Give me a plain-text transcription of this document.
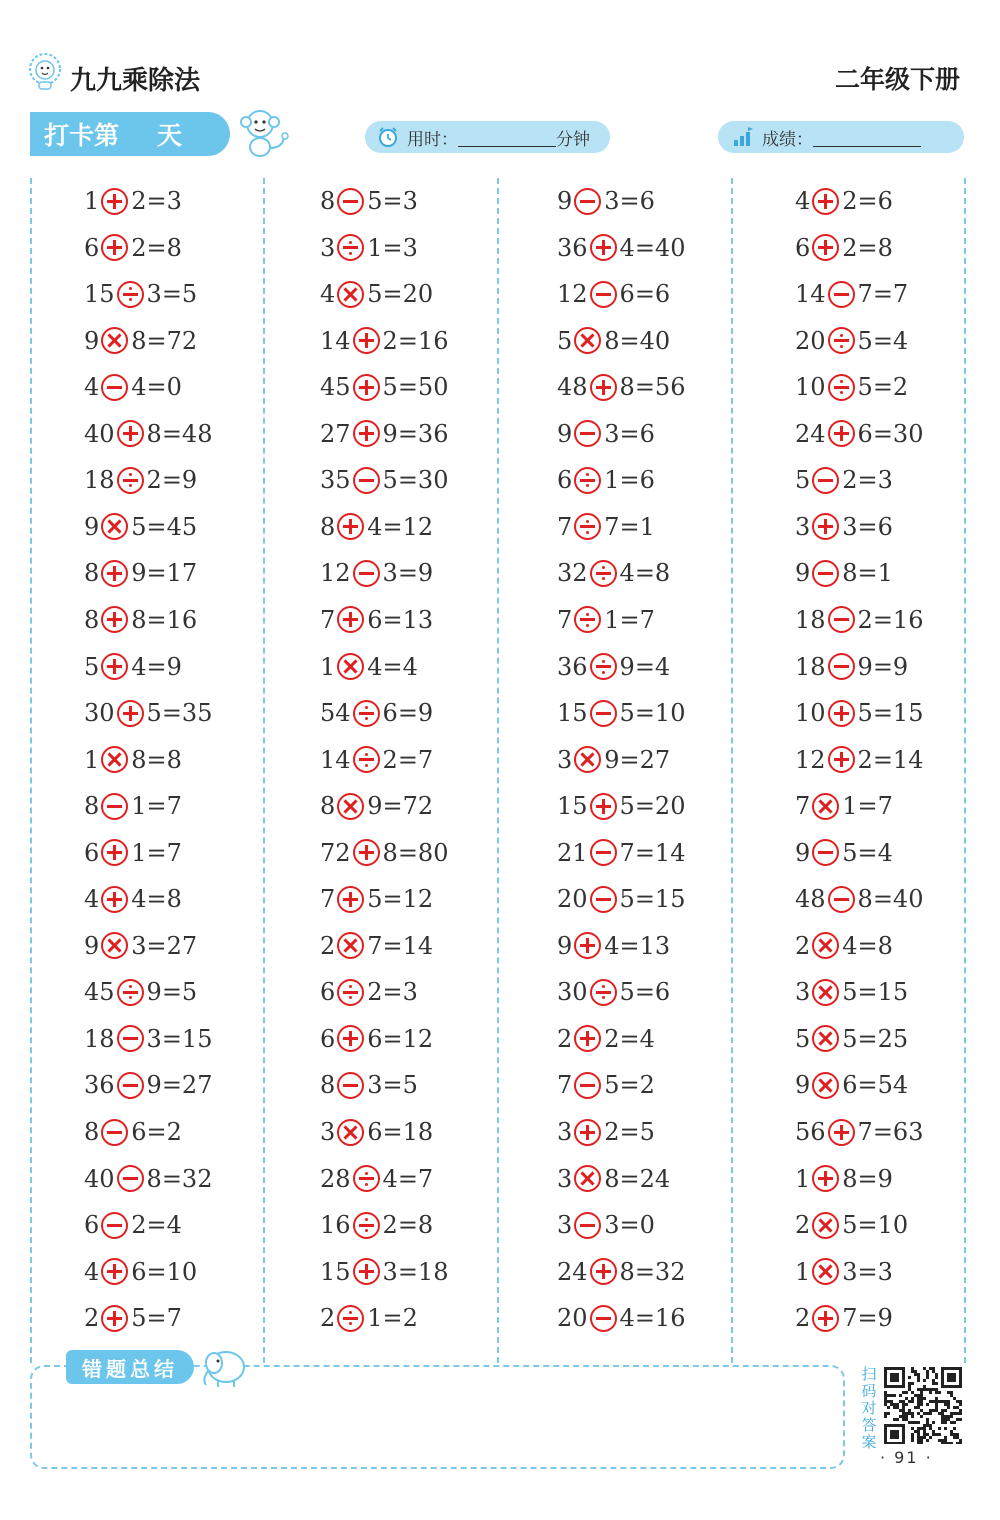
九九乘除法	二年级下册
打卡第 天	用时：	分钟	成绩：
1 2=3
6 2=8
15 3=5
9 8=72
4 4=0
40 8=48
18 2=9
9 5=45
8 9=17
8 8=16
5 4=9
30 5=35
1 8=8
8 1=7
6 1=7
4 4=8
9 3=27
45 9=5
18 3=15
36 9=27
8 6=2
40 8=32
6 2=4
4 6=10
2 5=7
8 5=3
3 1=3
4 5=20
14 2=16
45 5=50
27 9=36
35 5=30
8 4=12
12 3=9
7 6=13
1 4=4
54 6=9
14 2=7
8 9=72
72 8=80
7 5=12
2 7=14
6 2=3
6 6=12
8 3=5
3 6=18
28 4=7
16 2=8
15 3=18
2 1=2
9 3=6
36 4=40
12 6=6
5 8=40
48 8=56
9 3=6
6 1=6
7 7=1
32 4=8
7 1=7
36 9=4
15 5=10
3 9=27
15 5=20
21 7=14
20 5=15
9 4=13
30 5=6
2 2=4
7 5=2
3 2=5
3 8=24
3 3=0
24 8=32
20 4=16
4 2=6
6 2=8
14 7=7
20 5=4
10 5=2
24 6=30
5 2=3
3 3=6
9 8=1
18 2=16
18 9=9
10 5=15
12 2=14
7 1=7
9 5=4
48 8=40
2 4=8
3 5=15
5 5=25
9 6=54
56 7=63
1 8=9
2 5=10
1 3=3
2 7=9
错题总结	扫码对答案
· 91 ·
